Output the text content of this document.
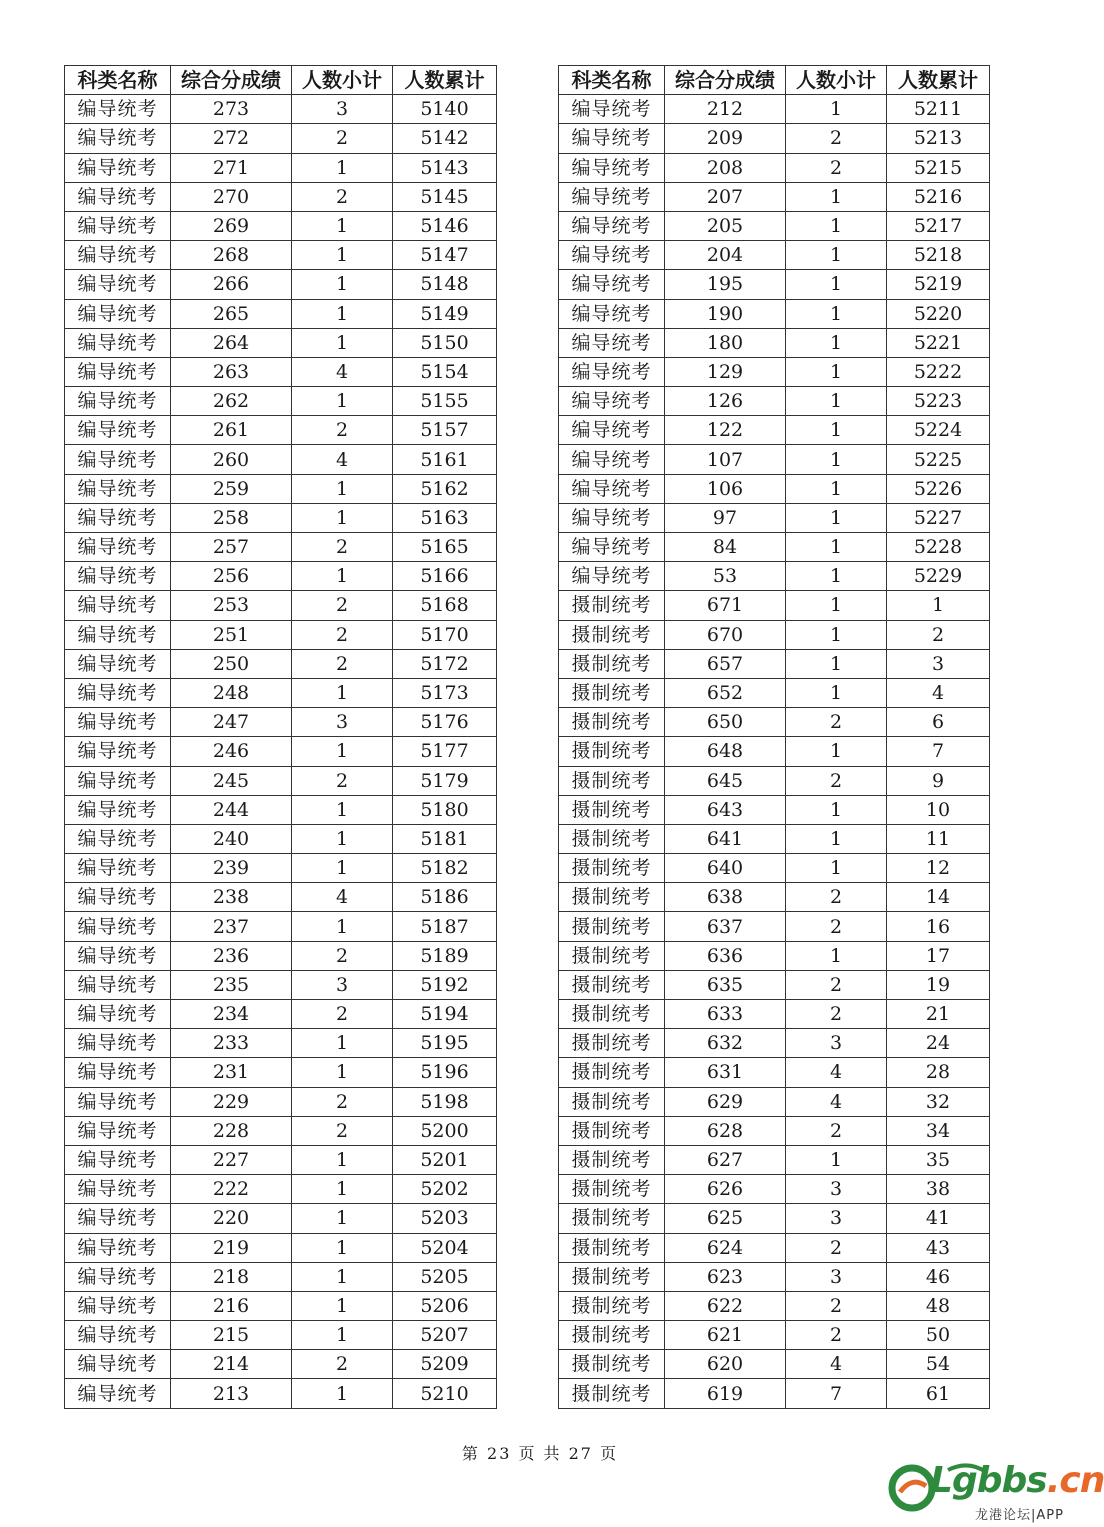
科类名称	综合分成绩	人数小计	人数累计
编导统考	273	3	5140
编导统考	272	2	5142
编导统考	271	1	5143
编导统考	270	2	5145
编导统考	269	1	5146
编导统考	268	1	5147
编导统考	266	1	5148
编导统考	265	1	5149
编导统考	264	1	5150
编导统考	263	4	5154
编导统考	262	1	5155
编导统考	261	2	5157
编导统考	260	4	5161
编导统考	259	1	5162
编导统考	258	1	5163
编导统考	257	2	5165
编导统考	256	1	5166
编导统考	253	2	5168
编导统考	251	2	5170
编导统考	250	2	5172
编导统考	248	1	5173
编导统考	247	3	5176
编导统考	246	1	5177
编导统考	245	2	5179
编导统考	244	1	5180
编导统考	240	1	5181
编导统考	239	1	5182
编导统考	238	4	5186
编导统考	237	1	5187
编导统考	236	2	5189
编导统考	235	3	5192
编导统考	234	2	5194
编导统考	233	1	5195
编导统考	231	1	5196
编导统考	229	2	5198
编导统考	228	2	5200
编导统考	227	1	5201
编导统考	222	1	5202
编导统考	220	1	5203
编导统考	219	1	5204
编导统考	218	1	5205
编导统考	216	1	5206
编导统考	215	1	5207
编导统考	214	2	5209
编导统考	213	1	5210
科类名称	综合分成绩	人数小计	人数累计
编导统考	212	1	5211
编导统考	209	2	5213
编导统考	208	2	5215
编导统考	207	1	5216
编导统考	205	1	5217
编导统考	204	1	5218
编导统考	195	1	5219
编导统考	190	1	5220
编导统考	180	1	5221
编导统考	129	1	5222
编导统考	126	1	5223
编导统考	122	1	5224
编导统考	107	1	5225
编导统考	106	1	5226
编导统考	97	1	5227
编导统考	84	1	5228
编导统考	53	1	5229
摄制统考	671	1	1
摄制统考	670	1	2
摄制统考	657	1	3
摄制统考	652	1	4
摄制统考	650	2	6
摄制统考	648	1	7
摄制统考	645	2	9
摄制统考	643	1	10
摄制统考	641	1	11
摄制统考	640	1	12
摄制统考	638	2	14
摄制统考	637	2	16
摄制统考	636	1	17
摄制统考	635	2	19
摄制统考	633	2	21
摄制统考	632	3	24
摄制统考	631	4	28
摄制统考	629	4	32
摄制统考	628	2	34
摄制统考	627	1	35
摄制统考	626	3	38
摄制统考	625	3	41
摄制统考	624	2	43
摄制统考	623	3	46
摄制统考	622	2	48
摄制统考	621	2	50
摄制统考	620	4	54
摄制统考	619	7	61
第 23 页 共 27 页
Lgbbs.cn
龙港论坛|APP
